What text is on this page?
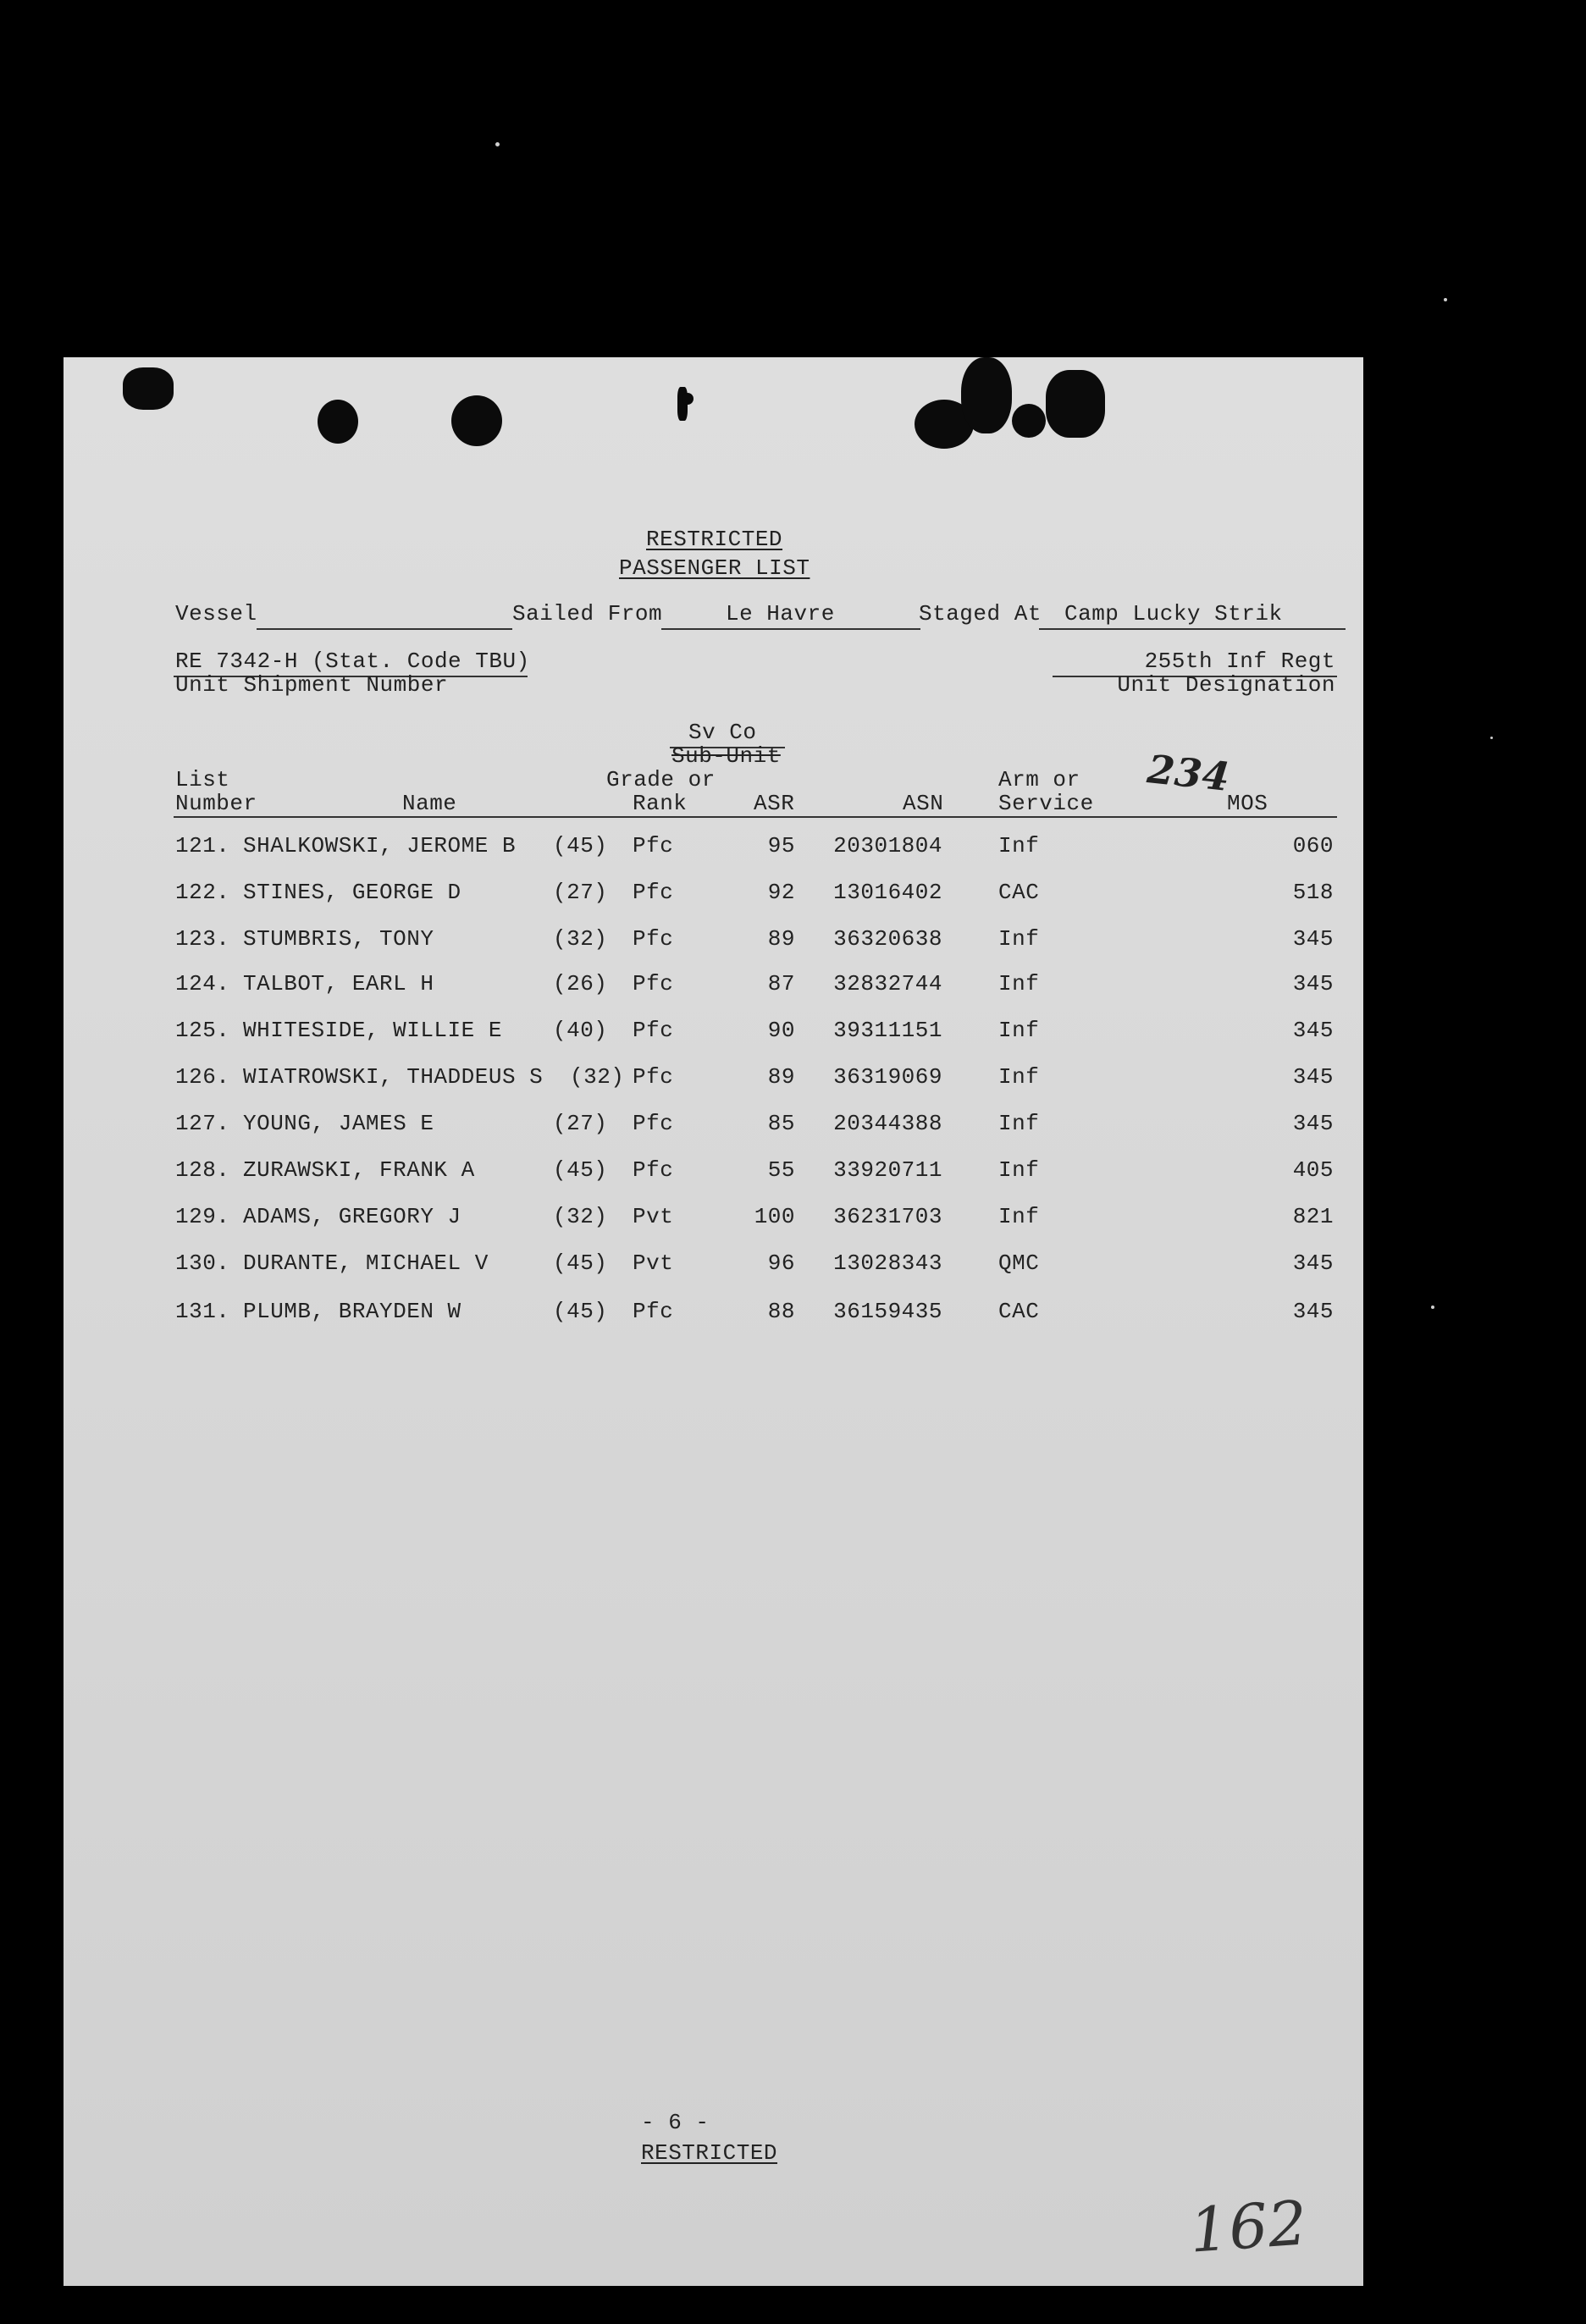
RESTRICTED
PASSENGER LIST
Vessel	Sailed From	Le Havre	Staged At Camp Lucky Strik
RE 7342-H (Stat. Code TBU)
Unit Shipment Number
255th Inf Regt
Unit Designation
Sv Co
Sub-Unit	234
List
Number	Name
Grade or
Rank	ASR	ASN
Arm or
Service	MOS
121. SHALKOWSKI, JEROME B (45) Pfc	95	20301804	Inf	060
122. STINES, GEORGE D	(27) Pfc	92	13016402	CAC	518
123. STUMBRIS, TONY	(32) Pfc	89	36320638	Inf	345
124. TALBOT, EARL H	(26) Pfc	87	32832744	Inf	345
125. WHITESIDE, WILLIE E (40) Pfc	90	39311151	Inf	345
126. WIATROWSKI, THADDEUS S (32) Pfc	89	36319069	Inf	345
127. YOUNG, JAMES E	(27) Pfc	85	20344388	Inf	345
128. ZURAWSKI, FRANK A	(45) Pfc	55	33920711	Inf	405
129. ADAMS, GREGORY J	(32) Pvt	100	36231703	Inf	821
130. DURANTE, MICHAEL V	(45) Pvt	96	13028343	QMC	345
131. PLUMB, BRAYDEN W	(45) Pfc	88	36159435	CAC	345
- 6 -
RESTRICTED
162
